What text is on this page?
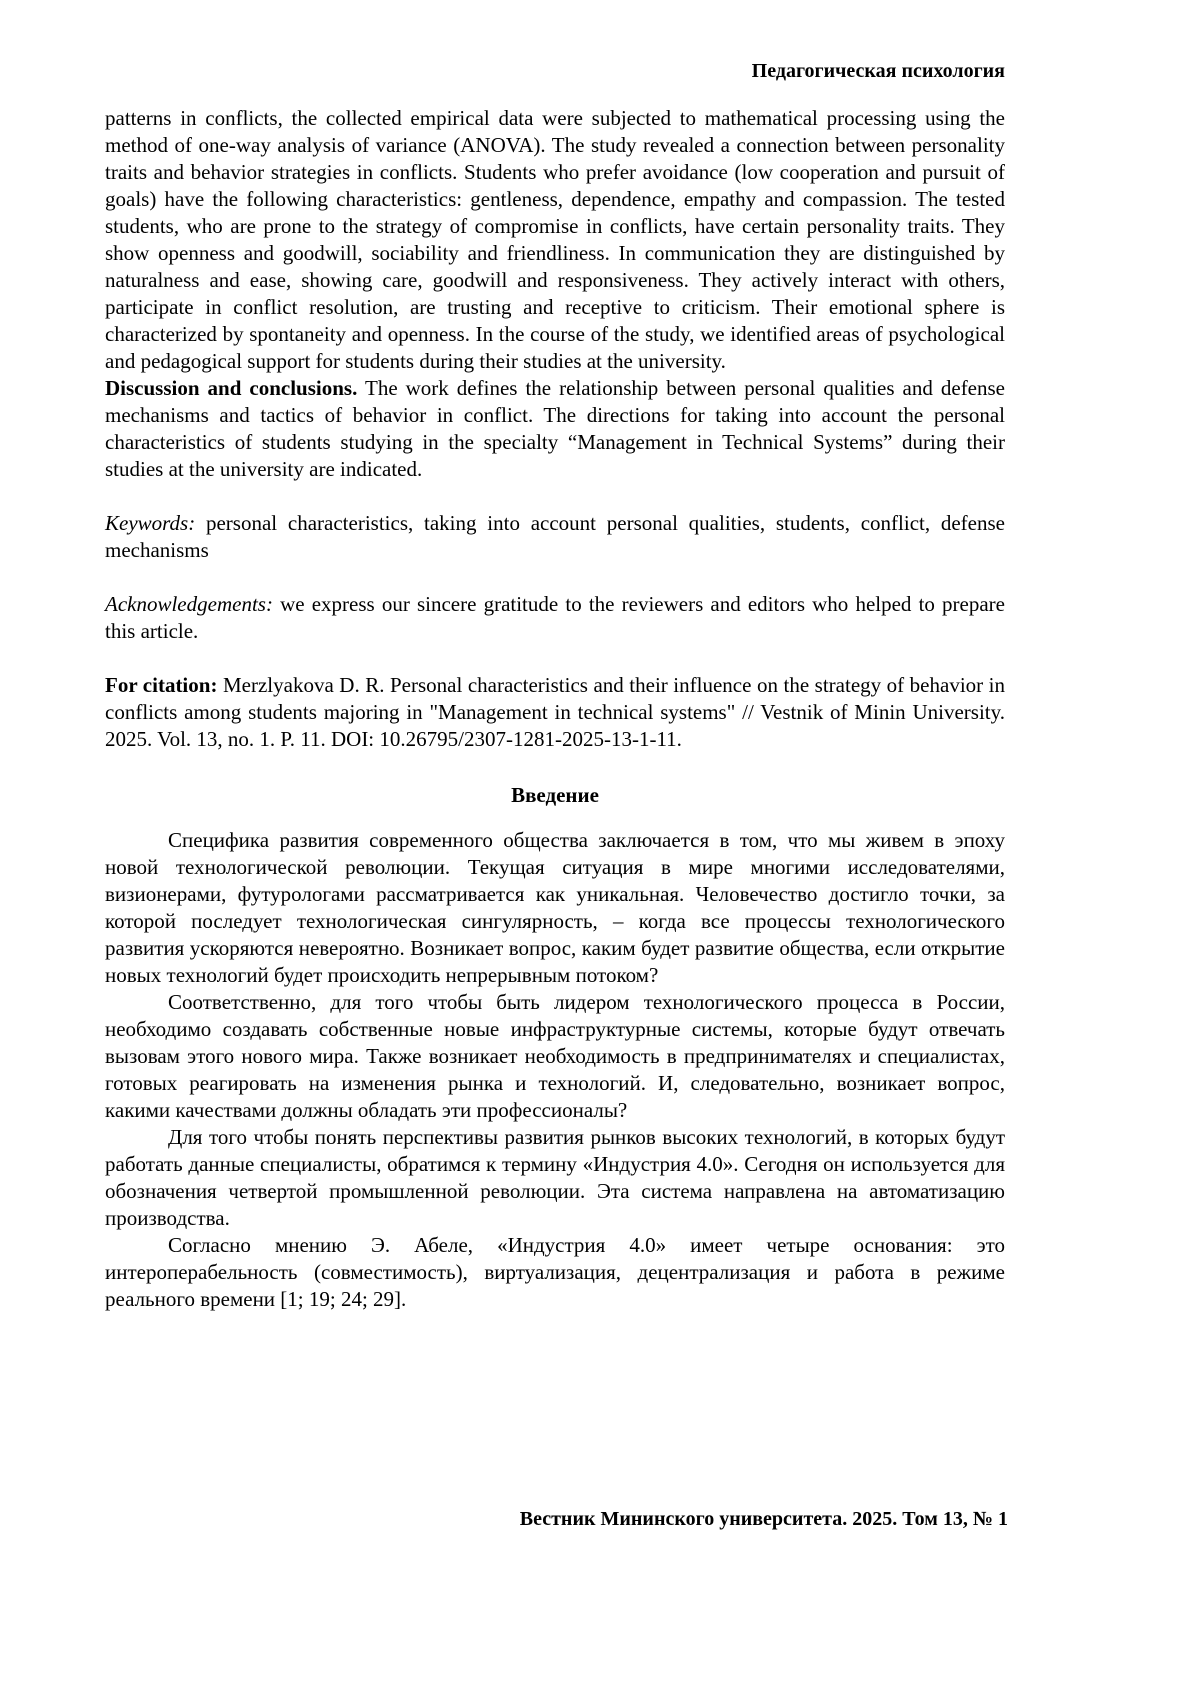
Педагогическая психология

patterns in conflicts, the collected empirical data were subjected to mathematical processing using the method of one-way analysis of variance (ANOVA). The study revealed a connection between personality traits and behavior strategies in conflicts. Students who prefer avoidance (low cooperation and pursuit of goals) have the following characteristics: gentleness, dependence, empathy and compassion. The tested students, who are prone to the strategy of compromise in conflicts, have certain personality traits. They show openness and goodwill, sociability and friendliness. In communication they are distinguished by naturalness and ease, showing care, goodwill and responsiveness. They actively interact with others, participate in conflict resolution, are trusting and receptive to criticism. Their emotional sphere is characterized by spontaneity and openness. In the course of the study, we identified areas of psychological and pedagogical support for students during their studies at the university.

Discussion and conclusions. The work defines the relationship between personal qualities and defense mechanisms and tactics of behavior in conflict. The directions for taking into account the personal characteristics of students studying in the specialty “Management in Technical Systems” during their studies at the university are indicated.

Keywords: personal characteristics, taking into account personal qualities, students, conflict, defense mechanisms

Acknowledgements: we express our sincere gratitude to the reviewers and editors who helped to prepare this article.

For citation: Merzlyakova D. R. Personal characteristics and their influence on the strategy of behavior in conflicts among students majoring in "Management in technical systems" // Vestnik of Minin University. 2025. Vol. 13, no. 1. P. 11. DOI: 10.26795/2307-1281-2025-13-1-11.

Введение

Специфика развития современного общества заключается в том, что мы живем в эпоху новой технологической революции. Текущая ситуация в мире многими исследователями, визионерами, футурологами рассматривается как уникальная. Человечество достигло точки, за которой последует технологическая сингулярность, – когда все процессы технологического развития ускоряются невероятно. Возникает вопрос, каким будет развитие общества, если открытие новых технологий будет происходить непрерывным потоком?

Соответственно, для того чтобы быть лидером технологического процесса в России, необходимо создавать собственные новые инфраструктурные системы, которые будут отвечать вызовам этого нового мира. Также возникает необходимость в предпринимателях и специалистах, готовых реагировать на изменения рынка и технологий. И, следовательно, возникает вопрос, какими качествами должны обладать эти профессионалы?

Для того чтобы понять перспективы развития рынков высоких технологий, в которых будут работать данные специалисты, обратимся к термину «Индустрия 4.0». Сегодня он используется для обозначения четвертой промышленной революции. Эта система направлена на автоматизацию производства.

Согласно мнению Э. Абеле, «Индустрия 4.0» имеет четыре основания: это интероперабельность (совместимость), виртуализация, децентрализация и работа в режиме реального времени [1; 19; 24; 29].

Вестник Мининского университета. 2025. Том 13, № 1
